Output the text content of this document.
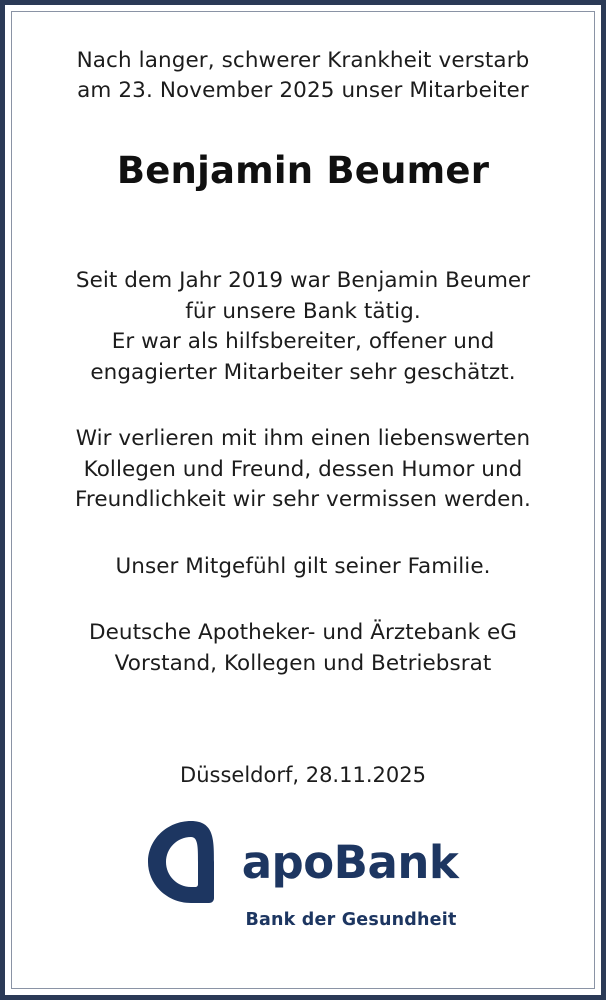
Nach langer, schwerer Krankheit verstarb
am 23. November 2025 unser Mitarbeiter
Benjamin Beumer
Seit dem Jahr 2019 war Benjamin Beumer
für unsere Bank tätig.
Er war als hilfsbereiter, offener und
engagierter Mitarbeiter sehr geschätzt.
Wir verlieren mit ihm einen liebenswerten
Kollegen und Freund, dessen Humor und
Freundlichkeit wir sehr vermissen werden.
Unser Mitgefühl gilt seiner Familie.
Deutsche Apotheker- und Ärztebank eG
Vorstand, Kollegen und Betriebsrat
Düsseldorf, 28.11.2025
apoBank
Bank der Gesundheit
